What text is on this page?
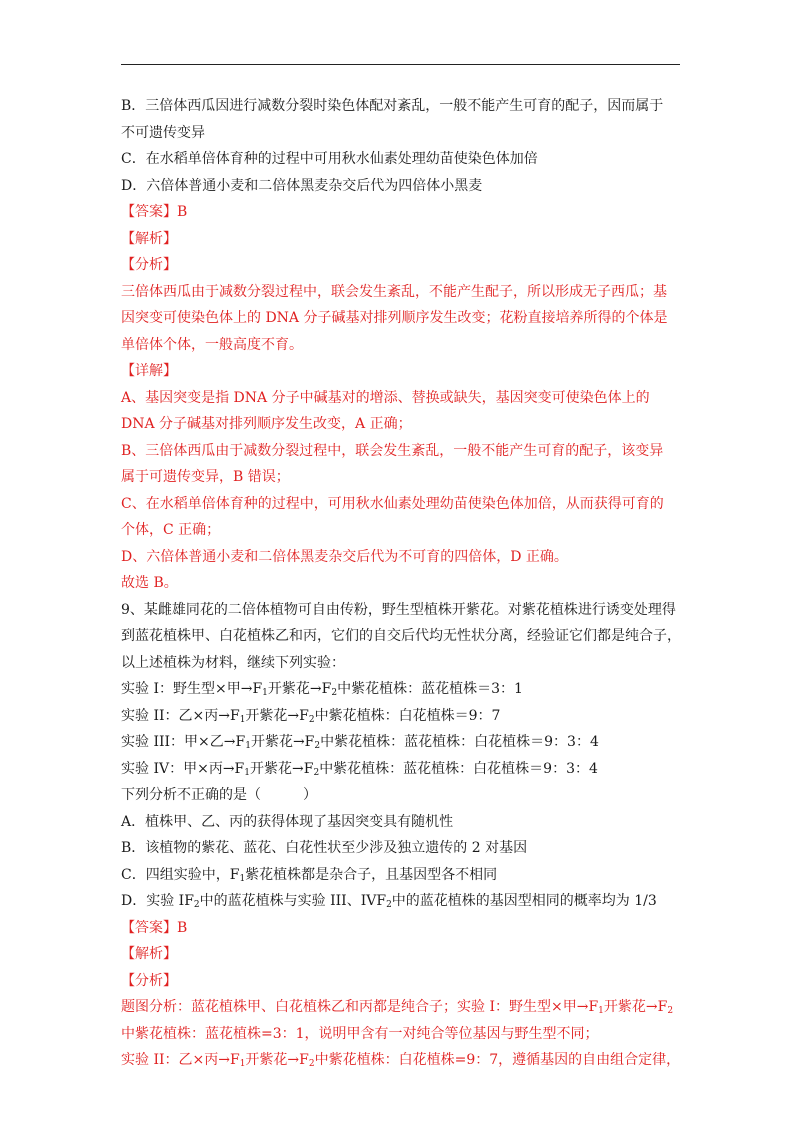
B．三倍体西瓜因进行减数分裂时染色体配对紊乱，一般不能产生可育的配子，因而属于
不可遗传变异
C．在水稻单倍体育种的过程中可用秋水仙素处理幼苗使染色体加倍
D．六倍体普通小麦和二倍体黑麦杂交后代为四倍体小黑麦
【答案】B
【解析】
【分析】
三倍体西瓜由于减数分裂过程中，联会发生紊乱，不能产生配子，所以形成无子西瓜；基
因突变可使染色体上的 DNA 分子碱基对排列顺序发生改变；花粉直接培养所得的个体是
单倍体个体，一般高度不育。
【详解】
A、基因突变是指 DNA 分子中碱基对的增添、替换或缺失，基因突变可使染色体上的
DNA 分子碱基对排列顺序发生改变，A 正确；
B、三倍体西瓜由于减数分裂过程中，联会发生紊乱，一般不能产生可育的配子，该变异
属于可遗传变异，B 错误；
C、在水稻单倍体育种的过程中，可用秋水仙素处理幼苗使染色体加倍，从而获得可育的
个体，C 正确；
D、六倍体普通小麦和二倍体黑麦杂交后代为不可育的四倍体，D 正确。
故选 B。
9、某雌雄同花的二倍体植物可自由传粉，野生型植株开紫花。对紫花植株进行诱变处理得
到蓝花植株甲、白花植株乙和丙，它们的自交后代均无性状分离，经验证它们都是纯合子，
以上述植株为材料，继续下列实验：
实验 I：野生型×甲$\to F_1$开紫花$\to F_2$中紫花植株：蓝花植株＝3：1
实验 II：乙×丙$\to F_1$开紫花$\to F_2$中紫花植株：白花植株＝9：7
实验 III：甲×乙$\to F_1$开紫花$\to F_2$中紫花植株：蓝花植株：白花植株＝9：3：4
实验 IV：甲×丙$\to F_1$开紫花$\to F_2$中紫花植株：蓝花植株：白花植株＝9：3：4
下列分析不正确的是（　　　）
A．植株甲、乙、丙的获得体现了基因突变具有随机性
B．该植物的紫花、蓝花、白花性状至少涉及独立遗传的 2 对基因
C．四组实验中，$F_1$紫花植株都是杂合子，且基因型各不相同
D．实验 $IF_2$中的蓝花植株与实验 III、$IVF_2$中的蓝花植株的基因型相同的概率均为 1/3
【答案】B
【解析】
【分析】
题图分析：蓝花植株甲、白花植株乙和丙都是纯合子；实验 I：野生型×甲$\to F_1$开紫花$\to F_2$
中紫花植株：蓝花植株=3：1，说明甲含有一对纯合等位基因与野生型不同；
实验 II：乙×丙$\to F_1$开紫花$\to F_2$中紫花植株：白花植株=9：7，遵循基因的自由组合定律，
